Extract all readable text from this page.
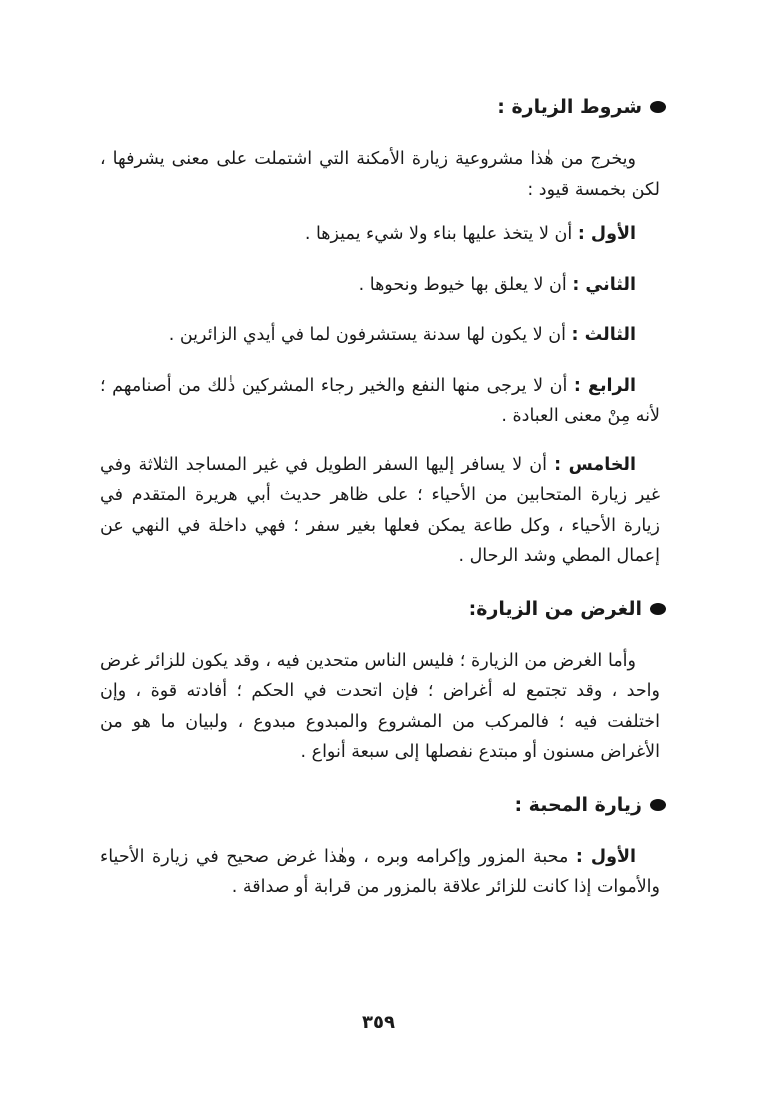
شروط الزيارة :

ويخرج من هٰذا مشروعية زيارة الأمكنة التي اشتملت على معنى يشرفها ، لكن بخمسة قيود :

الأول : أن لا يتخذ عليها بناء ولا شيء يميزها .

الثاني : أن لا يعلق بها خيوط ونحوها .

الثالث : أن لا يكون لها سدنة يستشرفون لما في أيدي الزائرين .

الرابع : أن لا يرجى منها النفع والخير رجاء المشركين ذٰلك من أصنامهم ؛ لأنه مِنْ معنى العبادة .

الخامس : أن لا يسافر إليها السفر الطويل في غير المساجد الثلاثة وفي غير زيارة المتحابين من الأحياء ؛ على ظاهر حديث أبي هريرة المتقدم في زيارة الأحياء ، وكل طاعة يمكن فعلها بغير سفر ؛ فهي داخلة في النهي عن إعمال المطي وشد الرحال .

الغرض من الزيارة:

وأما الغرض من الزيارة ؛ فليس الناس متحدين فيه ، وقد يكون للزائر غرض واحد ، وقد تجتمع له أغراض ؛ فإن اتحدت في الحكم ؛ أفادته قوة ، وإن اختلفت فيه ؛ فالمركب من المشروع والمبدوع مبدوع ، ولبيان ما هو من الأغراض مسنون أو مبتدع نفصلها إلى سبعة أنواع .

زيارة المحبة :

الأول : محبة المزور وإكرامه وبره ، وهٰذا غرض صحيح في زيارة الأحياء والأموات إذا كانت للزائر علاقة بالمزور من قرابة أو صداقة .

٣٥٩
